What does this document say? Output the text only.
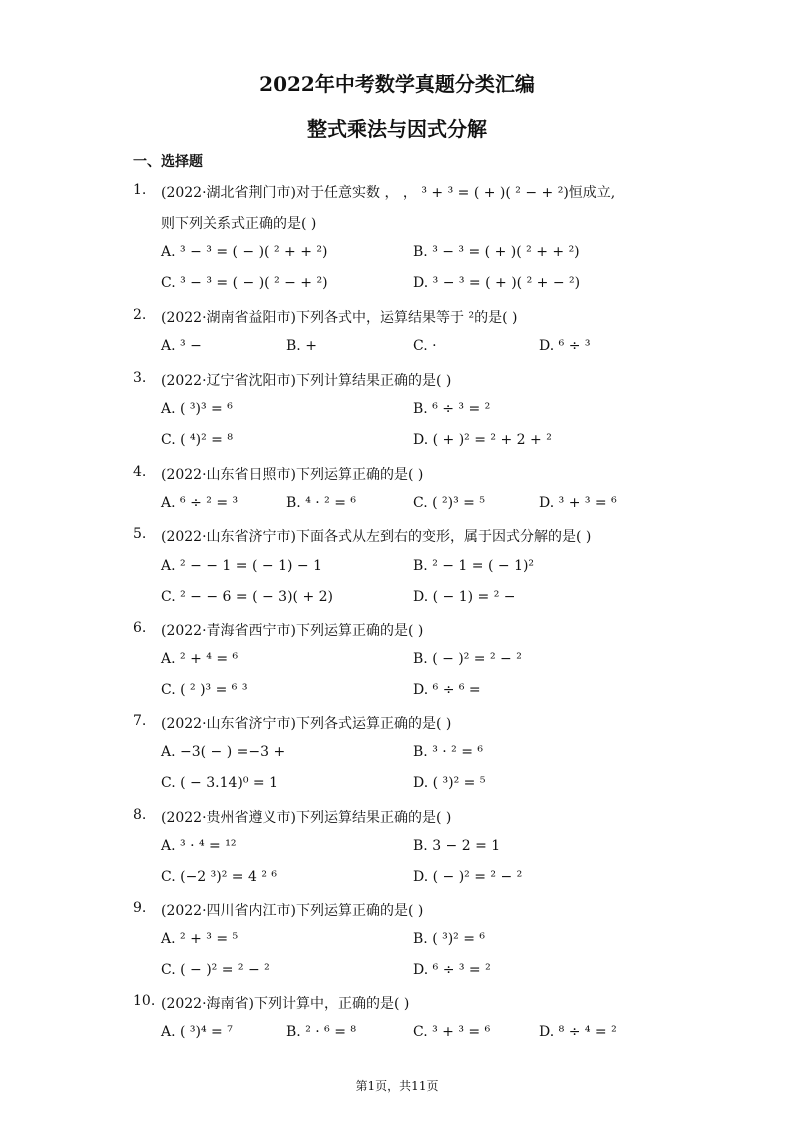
2022年中考数学真题分类汇编
整式乘法与因式分解
一、选择题
1. (2022·湖北省荆门市)对于任意实数 ， ， ³ + ³ = ( + )( ² − + ²)恒成立,
则下列关系式正确的是( )
A. ³ − ³ = ( − )( ² + + ²)	B. ³ − ³ = ( + )( ² + + ²)
C. ³ − ³ = ( − )( ² − + ²)	D. ³ − ³ = ( + )( ² + − ²)
2. (2022·湖南省益阳市)下列各式中，运算结果等于 ²的是( )
A. ³ −	B. +	C. ·	D. ⁶ ÷ ³
3. (2022·辽宁省沈阳市)下列计算结果正确的是( )
A. ( ³)³ = ⁶	B. ⁶ ÷ ³ = ²
C. ( ⁴)² = ⁸	D. ( + )² = ² + 2 + ²
4. (2022·山东省日照市)下列运算正确的是( )
A. ⁶ ÷ ² = ³	B. ⁴ · ² = ⁶	C. ( ²)³ = ⁵	D. ³ + ³ = ⁶
5. (2022·山东省济宁市)下面各式从左到右的变形，属于因式分解的是( )
A. ² − − 1 = ( − 1) − 1	B. ² − 1 = ( − 1)²
C. ² − − 6 = ( − 3)( + 2)	D. ( − 1) = ² −
6. (2022·青海省西宁市)下列运算正确的是( )
A. ² + ⁴ = ⁶	B. ( − )² = ² − ²
C. ( ² )³ = ⁶ ³	D. ⁶ ÷ ⁶ =
7. (2022·山东省济宁市)下列各式运算正确的是( )
A. −3( − ) =−3 +	B. ³ · ² = ⁶
C. ( − 3.14)⁰ = 1	D. ( ³)² = ⁵
8. (2022·贵州省遵义市)下列运算结果正确的是( )
A. ³ · ⁴ = ¹²	B. 3 − 2 = 1
C. (−2 ³)² = 4 ² ⁶	D. ( − )² = ² − ²
9. (2022·四川省内江市)下列运算正确的是( )
A. ² + ³ = ⁵	B. ( ³)² = ⁶
C. ( − )² = ² − ²	D. ⁶ ÷ ³ = ²
10. (2022·海南省)下列计算中，正确的是( )
A. ( ³)⁴ = ⁷	B. ² · ⁶ = ⁸	C. ³ + ³ = ⁶	D. ⁸ ÷ ⁴ = ²
第1页，共11页
